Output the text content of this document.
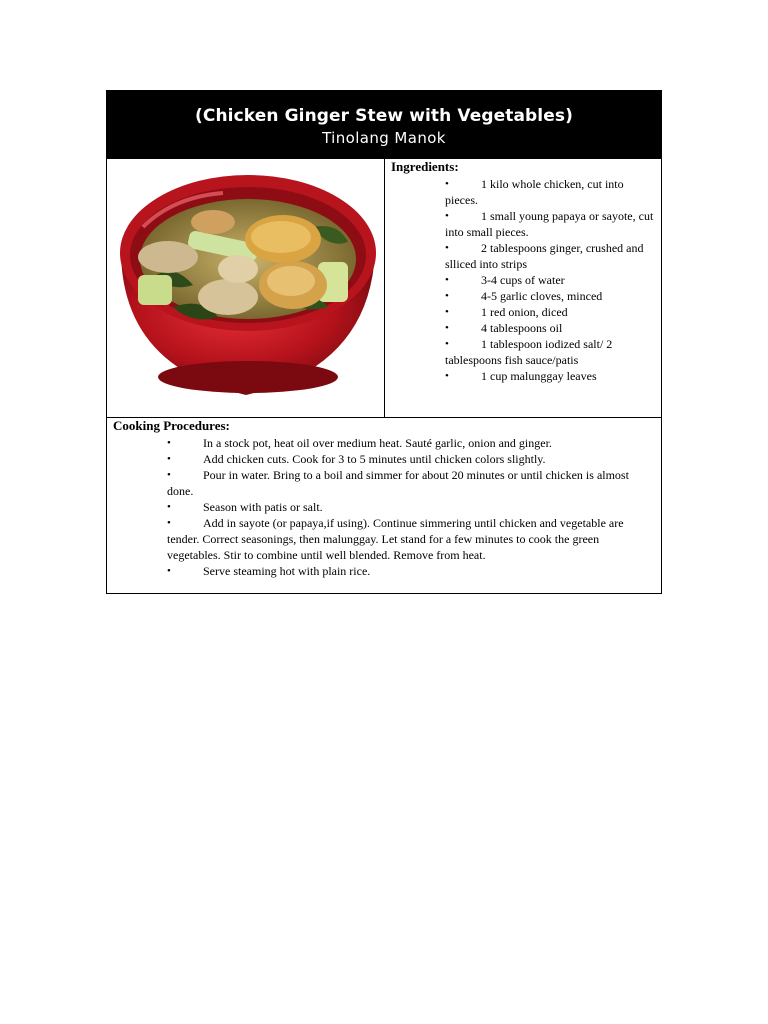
(Chicken Ginger Stew with Vegetables)
Tinolang Manok
Ingredients:
•	1 kilo whole chicken, cut into pieces.
•	1 small young papaya or sayote, cut into small pieces.
•	2 tablespoons ginger, crushed and slliced into strips
•	3-4 cups of water
•	4-5 garlic cloves, minced
•	1 red onion, diced
•	4 tablespoons oil
•	1 tablespoon iodized salt/ 2 tablespoons fish sauce/patis
•	1 cup malunggay leaves
Cooking Procedures:
•	In a stock pot, heat oil over medium heat. Sauté garlic, onion and ginger.
•	Add chicken cuts. Cook for 3 to 5 minutes until chicken colors slightly.
•	Pour in water. Bring to a boil and simmer for about 20 minutes or until chicken is almost done.
•	Season with patis or salt.
•	Add in sayote (or papaya,if using). Continue simmering until chicken and vegetable are tender. Correct seasonings, then malunggay. Let stand for a few minutes to cook the green vegetables. Stir to combine until well blended. Remove from heat.
•	Serve steaming hot with plain rice.
